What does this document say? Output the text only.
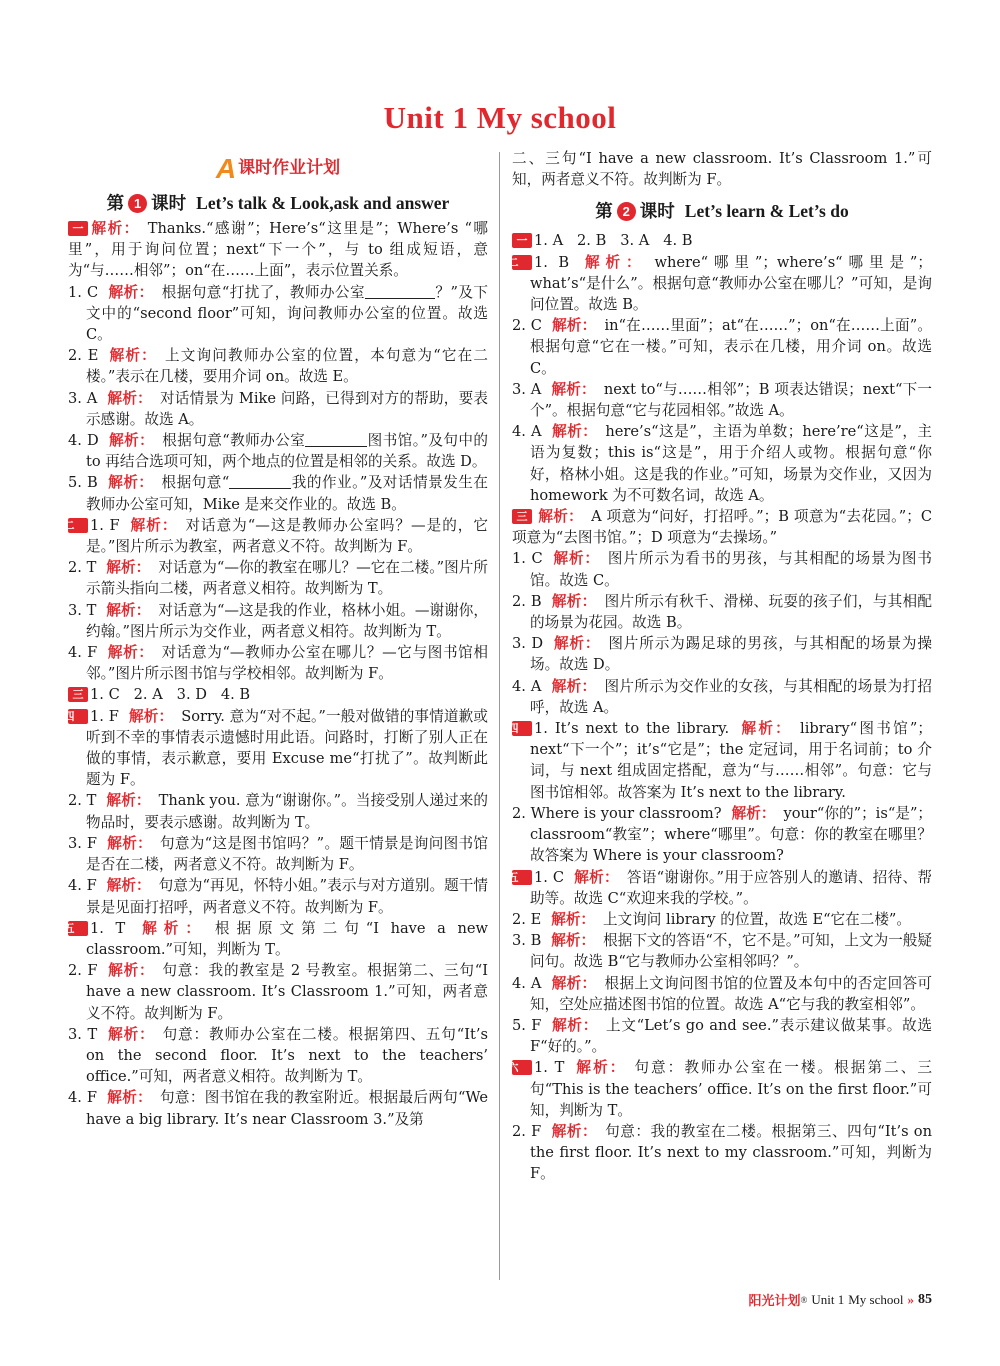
Unit 1 My school
A 课时作业计划
第 1 课时 Let’s talk & Look,ask and answer
一 解析： Thanks.“感谢”；Here’s“这里是”；Where’s “哪里”，用于询问位置；next“下一个”，与 to 组成短语，意为“与……相邻”；on“在……上面”，表示位置关系。
1. C 解析： 根据句意“打扰了，教师办公室	？”及下文中的“second floor”可知，询问教师办公室的位置。故选 C。
2. E 解析： 上文询问教师办公室的位置，本句意为“它在二楼。”表示在几楼，要用介词 on。故选 E。
3. A 解析： 对话情景为 Mike 问路，已得到对方的帮助，要表示感谢。故选 A。
4. D 解析： 根据句意“教师办公室	图书馆。”及句中的 to 再结合选项可知，两个地点的位置是相邻的关系。故选 D。
5. B 解析： 根据句意“	我的作业。”及对话情景发生在教师办公室可知，Mike 是来交作业的。故选 B。
二 1. F 解析： 对话意为“—这是教师办公室吗？—是的，它是。”图片所示为教室，两者意义不符。故判断为 F。
2. T 解析： 对话意为“—你的教室在哪儿？—它在二楼。”图片所示箭头指向二楼，两者意义相符。故判断为 T。
3. T 解析： 对话意为“—这是我的作业，格林小姐。—谢谢你，约翰。”图片所示为交作业，两者意义相符。故判断为 T。
4. F 解析： 对话意为“—教师办公室在哪儿？—它与图书馆相邻。”图片所示图书馆与学校相邻。故判断为 F。
三 1. C   2. A   3. D   4. B
四 1. F 解析： Sorry. 意为“对不起。”一般对做错的事情道歉或听到不幸的事情表示遗憾时用此语。问路时，打断了别人正在做的事情，表示歉意，要用 Excuse me“打扰了”。故判断此题为 F。
2. T 解析： Thank you. 意为“谢谢你。”。当接受别人递过来的物品时，要表示感谢。故判断为 T。
3. F 解析： 句意为“这是图书馆吗？”。题干情景是询问图书馆是否在二楼，两者意义不符。故判断为 F。
4. F 解析： 句意为“再见，怀特小姐。”表示与对方道别。题干情景是见面打招呼，两者意义不符。故判断为 F。
五 1. T 解析： 根据原文第二句“I have a new classroom.”可知，判断为 T。
2. F 解析： 句意：我的教室是 2 号教室。根据第二、三句“I have a new classroom. It’s Classroom 1.”可知，两者意义不符。故判断为 F。
3. T 解析： 句意：教师办公室在二楼。根据第四、五句“It’s on the second floor. It’s next to the teachers’ office.”可知，两者意义相符。故判断为 T。
4. F 解析： 句意：图书馆在我的教室附近。根据最后两句“We have a big library. It’s near Classroom 3.”及第
二、三句“I have a new classroom. It’s Classroom 1.”可知，两者意义不符。故判断为 F。
第 2 课时 Let’s learn & Let’s do
一 1. A   2. B   3. A   4. B
二 1. B 解析： where“哪里”；where’s“哪里是”；what’s“是什么”。根据句意“教师办公室在哪儿？”可知，是询问位置。故选 B。
2. C 解析： in“在……里面”；at“在……”；on“在……上面”。根据句意“它在一楼。”可知，表示在几楼，用介词 on。故选 C。
3. A 解析： next to“与……相邻”；B 项表达错误；next“下一个”。根据句意“它与花园相邻。”故选 A。
4. A 解析： here’s“这是”，主语为单数；here’re“这是”，主语为复数；this is“这是”，用于介绍人或物。根据句意“你好，格林小姐。这是我的作业。”可知，场景为交作业，又因为 homework 为不可数名词，故选 A。
三 解析： A 项意为“问好，打招呼。”；B 项意为“去花园。”；C 项意为“去图书馆。”；D 项意为“去操场。”
1. C 解析： 图片所示为看书的男孩，与其相配的场景为图书馆。故选 C。
2. B 解析： 图片所示有秋千、滑梯、玩耍的孩子们，与其相配的场景为花园。故选 B。
3. D 解析： 图片所示为踢足球的男孩，与其相配的场景为操场。故选 D。
4. A 解析： 图片所示为交作业的女孩，与其相配的场景为打招呼，故选 A。
四 1. It’s next to the library. 解析： library“图书馆”；next“下一个”；it’s“它是”；the 定冠词，用于名词前；to 介词，与 next 组成固定搭配，意为“与……相邻”。句意：它与图书馆相邻。故答案为 It’s next to the library.
2. Where is your classroom? 解析： your“你的”；is“是”；classroom“教室”；where“哪里”。句意：你的教室在哪里？故答案为 Where is your classroom?
五 1. C 解析： 答语“谢谢你。”用于应答别人的邀请、招待、帮助等。故选 C“欢迎来我的学校。”。
2. E 解析： 上文询问 library 的位置，故选 E“它在二楼”。
3. B 解析： 根据下文的答语“不，它不是。”可知，上文为一般疑问句。故选 B“它与教师办公室相邻吗？”。
4. A 解析： 根据上文询问图书馆的位置及本句中的否定回答可知，空处应描述图书馆的位置。故选 A“它与我的教室相邻”。
5. F 解析： 上文“Let’s go and see.”表示建议做某事。故选 F“好的。”。
六 1. T 解析： 句意：教师办公室在一楼。根据第二、三句“This is the teachers’ office. It’s on the first floor.”可知，判断为 T。
2. F 解析： 句意：我的教室在二楼。根据第三、四句“It’s on the first floor. It’s next to my classroom.”可知，判断为 F。
阳光计划 ® Unit 1 My school » 85
